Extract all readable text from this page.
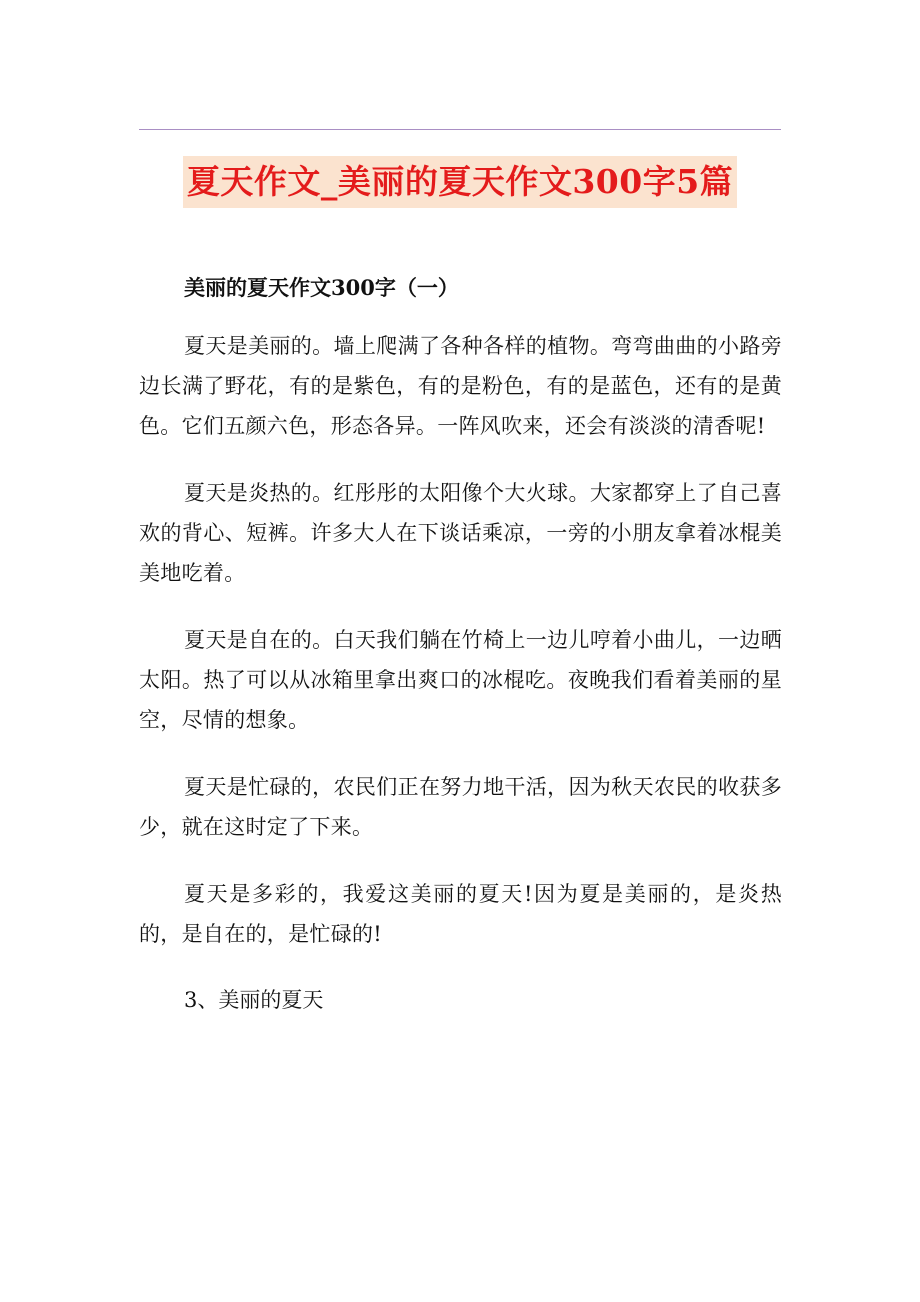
夏天作文_美丽的夏天作文300字5篇
美丽的夏天作文300字（一）

夏天是美丽的。墙上爬满了各种各样的植物。弯弯曲曲的小路旁边长满了野花，有的是紫色，有的是粉色，有的是蓝色，还有的是黄色。它们五颜六色，形态各异。一阵风吹来，还会有淡淡的清香呢!

夏天是炎热的。红彤彤的太阳像个大火球。大家都穿上了自己喜欢的背心、短裤。许多大人在下谈话乘凉，一旁的小朋友拿着冰棍美美地吃着。

夏天是自在的。白天我们躺在竹椅上一边儿哼着小曲儿，一边晒太阳。热了可以从冰箱里拿出爽口的冰棍吃。夜晚我们看着美丽的星空，尽情的想象。

夏天是忙碌的，农民们正在努力地干活，因为秋天农民的收获多少，就在这时定了下来。

夏天是多彩的，我爱这美丽的夏天!因为夏是美丽的，是炎热的，是自在的，是忙碌的!

3、美丽的夏天
